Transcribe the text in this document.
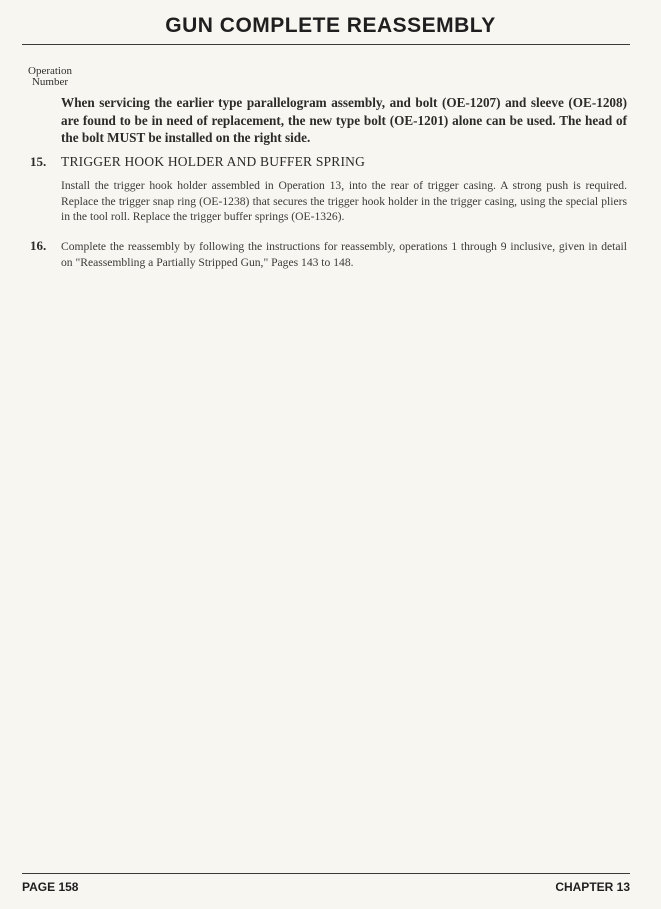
GUN COMPLETE REASSEMBLY
Operation
Number
When servicing the earlier type parallelogram assembly, and bolt (OE-1207) and sleeve (OE-1208) are found to be in need of replacement, the new type bolt (OE-1201) alone can be used. The head of the bolt MUST be installed on the right side.
15. TRIGGER HOOK HOLDER AND BUFFER SPRING
Install the trigger hook holder assembled in Operation 13, into the rear of trigger casing. A strong push is required. Replace the trigger snap ring (OE-1238) that secures the trigger hook holder in the trigger casing, using the special pliers in the tool roll. Replace the trigger buffer springs (OE-1326).
16. Complete the reassembly by following the instructions for reassembly, operations 1 through 9 inclusive, given in detail on "Reassembling a Partially Stripped Gun," Pages 143 to 148.
PAGE 158	CHAPTER 13
